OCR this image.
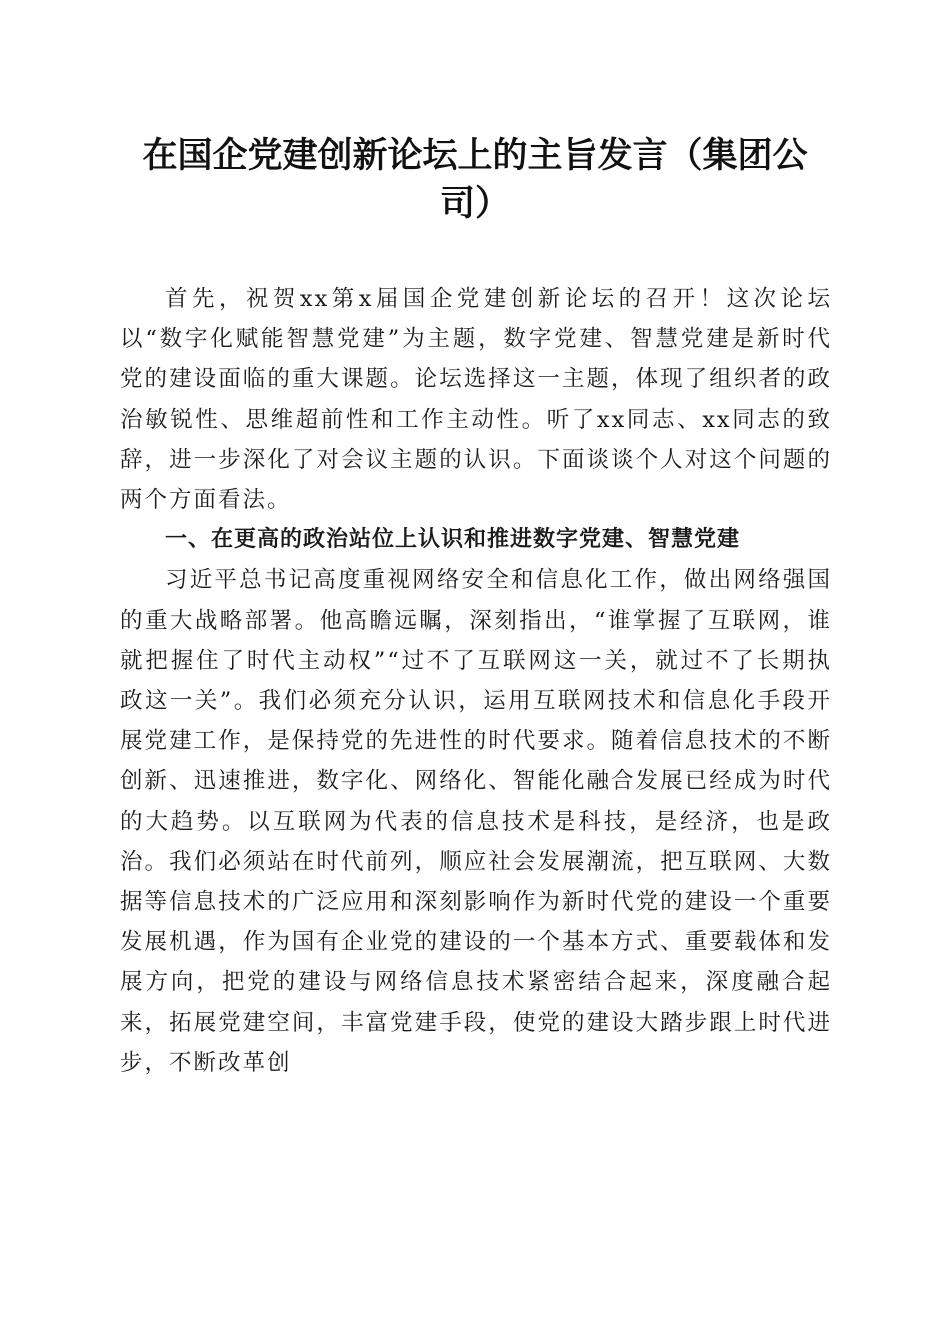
在国企党建创新论坛上的主旨发言（集团公司）

首先，祝贺xx第x届国企党建创新论坛的召开！这次论坛以“数字化赋能智慧党建”为主题，数字党建、智慧党建是新时代党的建设面临的重大课题。论坛选择这一主题，体现了组织者的政治敏锐性、思维超前性和工作主动性。听了xx同志、xx同志的致辞，进一步深化了对会议主题的认识。下面谈谈个人对这个问题的两个方面看法。

一、在更高的政治站位上认识和推进数字党建、智慧党建

习近平总书记高度重视网络安全和信息化工作，做出网络强国的重大战略部署。他高瞻远瞩，深刻指出，“谁掌握了互联网，谁就把握住了时代主动权”“过不了互联网这一关，就过不了长期执政这一关”。我们必须充分认识，运用互联网技术和信息化手段开展党建工作，是保持党的先进性的时代要求。随着信息技术的不断创新、迅速推进，数字化、网络化、智能化融合发展已经成为时代的大趋势。以互联网为代表的信息技术是科技，是经济，也是政治。我们必须站在时代前列，顺应社会发展潮流，把互联网、大数据等信息技术的广泛应用和深刻影响作为新时代党的建设一个重要发展机遇，作为国有企业党的建设的一个基本方式、重要载体和发展方向，把党的建设与网络信息技术紧密结合起来，深度融合起来，拓展党建空间，丰富党建手段，使党的建设大踏步跟上时代进步，不断改革创
